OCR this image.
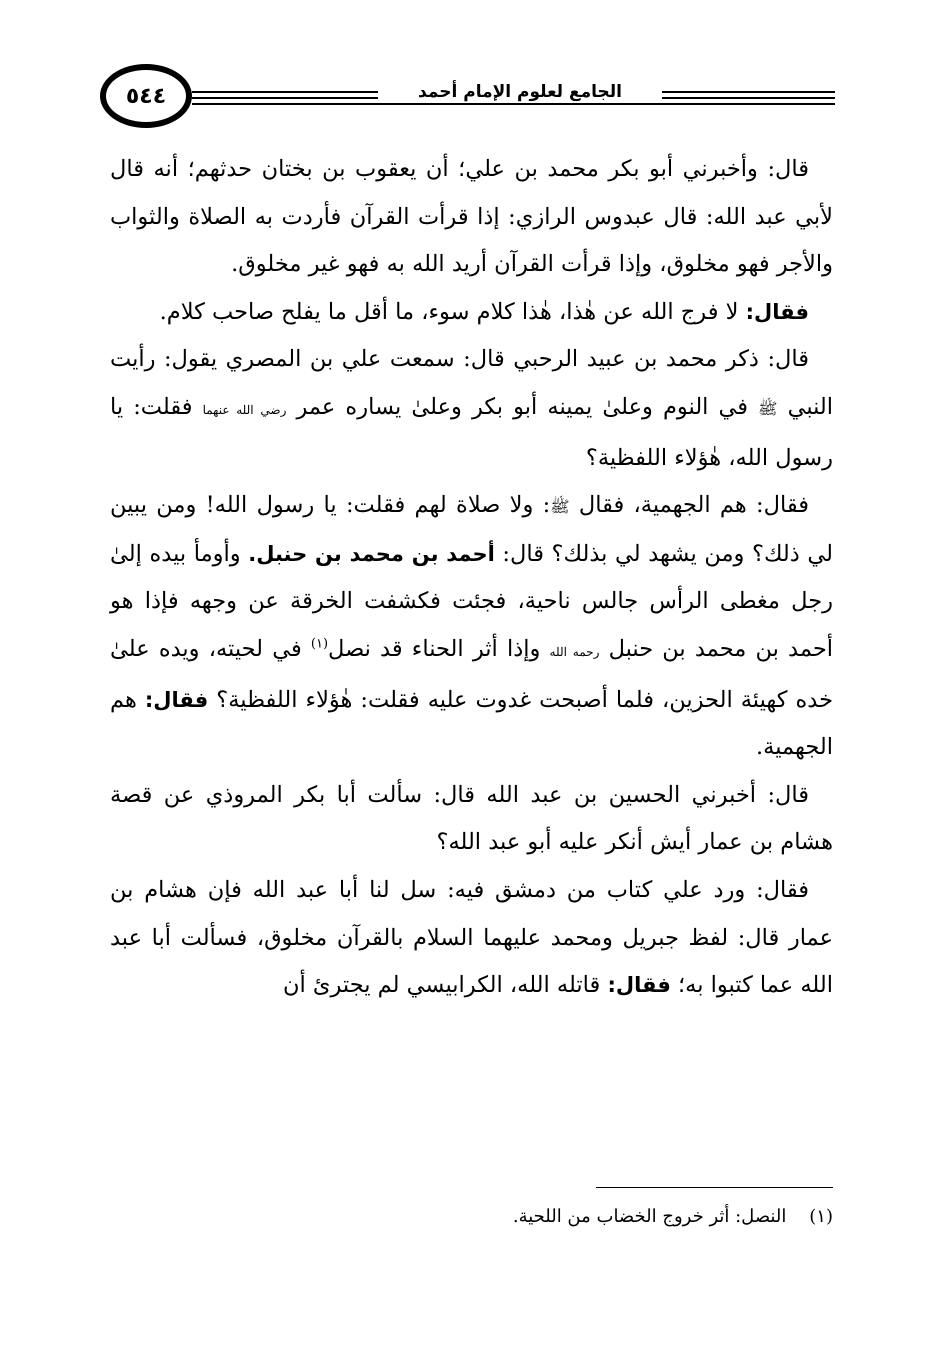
٥٤٤	الجامع لعلوم الإمام أحمد

قال: وأخبرني أبو بكر محمد بن علي؛ أن يعقوب بن بختان حدثهم؛ أنه قال لأبي عبد الله: قال عبدوس الرازي: إذا قرأت القرآن فأردت به الصلاة والثواب والأجر فهو مخلوق، وإذا قرأت القرآن أريد الله به فهو غير مخلوق.

فقال: لا فرج الله عن هٰذا، هٰذا كلام سوء، ما أقل ما يفلح صاحب كلام.

قال: ذكر محمد بن عبيد الرحبي قال: سمعت علي بن المصري يقول: رأيت النبي ﷺ في النوم وعلىٰ يمينه أبو بكر وعلىٰ يساره عمر رضي الله عنهما فقلت: يا رسول الله، هٰؤلاء اللفظية؟

فقال: هم الجهمية، فقال ﷺ: ولا صلاة لهم فقلت: يا رسول الله! ومن يبين لي ذلك؟ ومن يشهد لي بذلك؟ قال: أحمد بن محمد بن حنبل. وأومأ بيده إلىٰ رجل مغطى الرأس جالس ناحية، فجئت فكشفت الخرقة عن وجهه فإذا هو أحمد بن محمد بن حنبل رحمه الله وإذا أثر الحناء قد نصل$^{(١)}$ في لحيته، ويده علىٰ خده كهيئة الحزين، فلما أصبحت غدوت عليه فقلت: هٰؤلاء اللفظية؟ فقال: هم الجهمية.

قال: أخبرني الحسين بن عبد الله قال: سألت أبا بكر المروذي عن قصة هشام بن عمار أيش أنكر عليه أبو عبد الله؟

فقال: ورد علي كتاب من دمشق فيه: سل لنا أبا عبد الله فإن هشام بن عمار قال: لفظ جبريل ومحمد عليهما السلام بالقرآن مخلوق، فسألت أبا عبد الله عما كتبوا به؛ فقال: قاتله الله، الكرابيسي لم يجترئ أن

(١)    النصل: أثر خروج الخضاب من اللحية.
